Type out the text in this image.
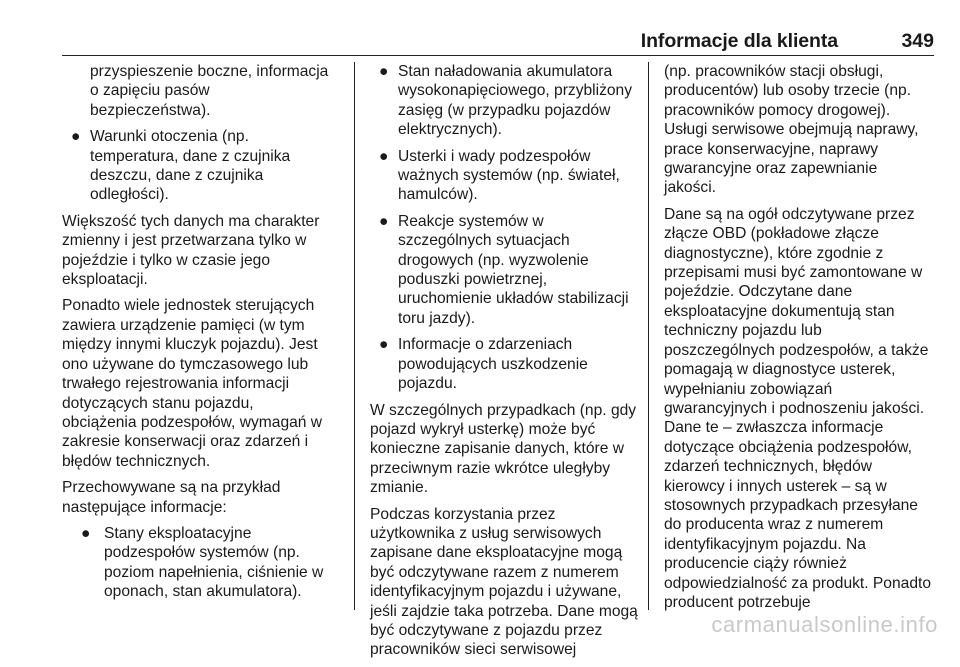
Informacje dla klienta	349
przyspieszenie boczne, informacja o zapięciu pasów bezpieczeństwa).
● Warunki otoczenia (np. temperatura, dane z czujnika deszczu, dane z czujnika odległości).

Większość tych danych ma charakter zmienny i jest przetwarzana tylko w pojeździe i tylko w czasie jego eksploatacji.

Ponadto wiele jednostek sterujących zawiera urządzenie pamięci (w tym między innymi kluczyk pojazdu). Jest ono używane do tymczasowego lub trwałego rejestrowania informacji dotyczących stanu pojazdu, obciążenia podzespołów, wymagań w zakresie konserwacji oraz zdarzeń i błędów technicznych.

Przechowywane są na przykład następujące informacje:

● Stany eksploatacyjne podzespołów systemów (np. poziom napełnienia, ciśnienie w oponach, stan akumulatora).
● Stan naładowania akumulatora wysokonapięciowego, przybliżony zasięg (w przypadku pojazdów elektrycznych).
● Usterki i wady podzespołów ważnych systemów (np. świateł, hamulców).
● Reakcje systemów w szczególnych sytuacjach drogowych (np. wyzwolenie poduszki powietrznej, uruchomienie układów stabilizacji toru jazdy).
● Informacje o zdarzeniach powodujących uszkodzenie pojazdu.

W szczególnych przypadkach (np. gdy pojazd wykrył usterkę) może być konieczne zapisanie danych, które w przeciwnym razie wkrótce uległyby zmianie.

Podczas korzystania przez użytkownika z usług serwisowych zapisane dane eksploatacyjne mogą być odczytywane razem z numerem identyfikacyjnym pojazdu i używane, jeśli zajdzie taka potrzeba. Dane mogą być odczytywane z pojazdu przez pracowników sieci serwisowej

(np. pracowników stacji obsługi, producentów) lub osoby trzecie (np. pracowników pomocy drogowej). Usługi serwisowe obejmują naprawy, prace konserwacyjne, naprawy gwarancyjne oraz zapewnianie jakości.

Dane są na ogół odczytywane przez złącze OBD (pokładowe złącze diagnostyczne), które zgodnie z przepisami musi być zamontowane w pojeździe. Odczytane dane eksploatacyjne dokumentują stan techniczny pojazdu lub poszczególnych podzespołów, a także pomagają w diagnostyce usterek, wypełnianiu zobowiązań gwarancyjnych i podnoszeniu jakości. Dane te – zwłaszcza informacje dotyczące obciążenia podzespołów, zdarzeń technicznych, błędów kierowcy i innych usterek – są w stosownych przypadkach przesyłane do producenta wraz z numerem identyfikacyjnym pojazdu. Na producencie ciąży również odpowiedzialność za produkt. Ponadto producent potrzebuje

carmanualsonline.info
